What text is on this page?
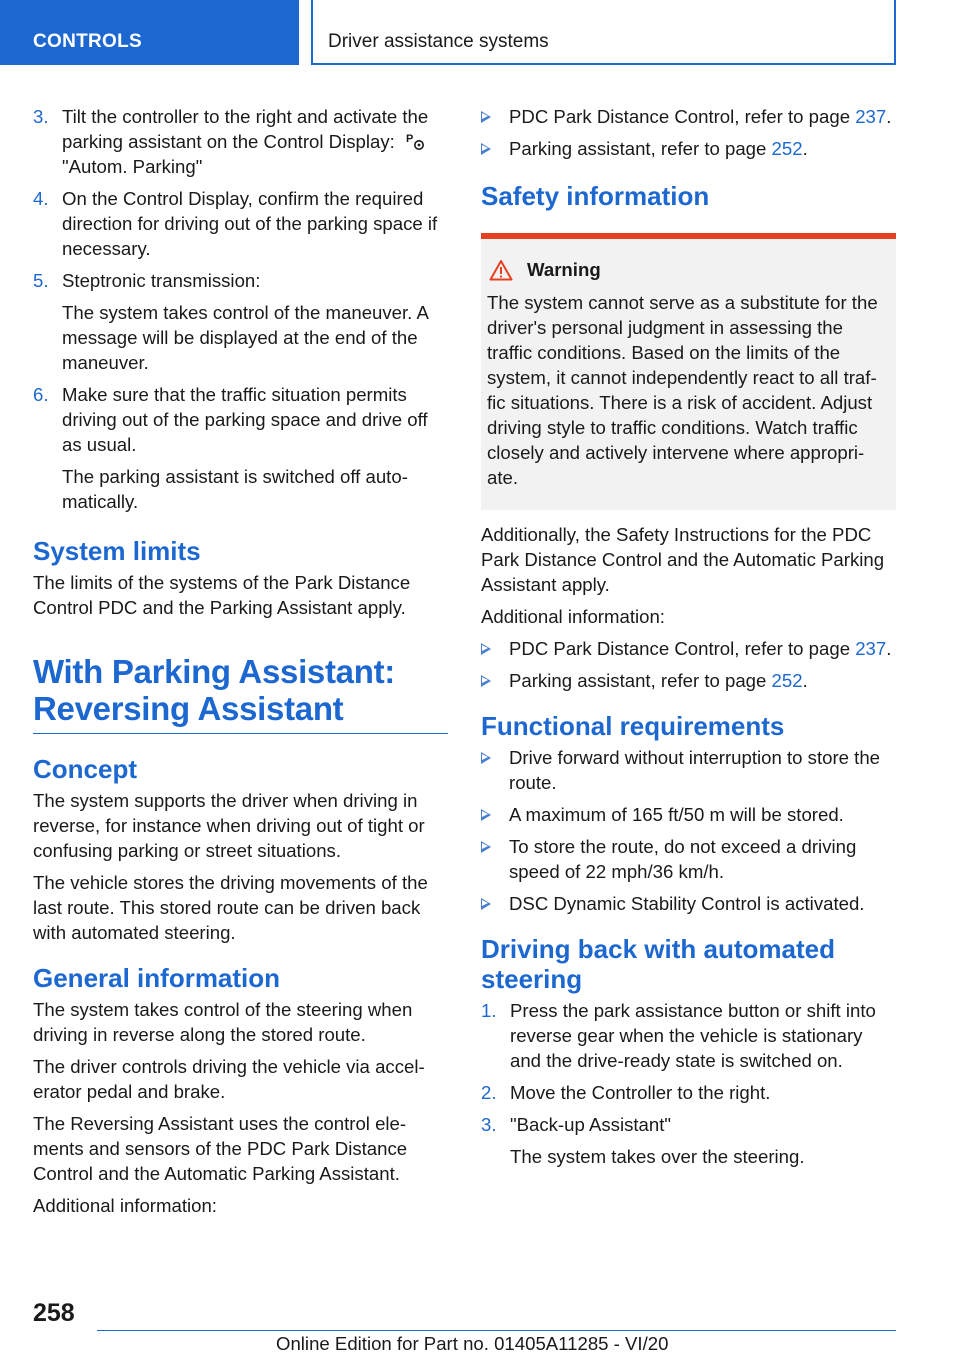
CONTROLS	Driver assistance systems
3. Tilt the controller to the right and activate the parking assistant on the Control Display: P
"Autom. Parking"
4. On the Control Display, confirm the required direction for driving out of the parking space if necessary.
5. Steptronic transmission:
The system takes control of the maneuver. A message will be displayed at the end of the maneuver.
6. Make sure that the traffic situation permits driving out of the parking space and drive off as usual.
The parking assistant is switched off auto‐matically.
System limits

The limits of the systems of the Park Distance Control PDC and the Parking Assistant apply.

With Parking Assistant: Reversing Assistant
Concept

The system supports the driver when driving in reverse, for instance when driving out of tight or confusing parking or street situations.

The vehicle stores the driving movements of the last route. This stored route can be driven back with automated steering.

General information

The system takes control of the steering when driving in reverse along the stored route.

The driver controls driving the vehicle via accel‐erator pedal and brake.

The Reversing Assistant uses the control ele‐ments and sensors of the PDC Park Distance Control and the Automatic Parking Assistant.

Additional information:

PDC Park Distance Control, refer to page 237.
Parking assistant, refer to page 252.
Safety information
Warning
The system cannot serve as a substitute for the driver's personal judgment in assessing the traffic conditions. Based on the limits of the system, it cannot independently react to all traf‐fic situations. There is a risk of accident. Adjust driving style to traffic conditions. Watch traffic closely and actively intervene where appropri‐ate.

Additionally, the Safety Instructions for the PDC Park Distance Control and the Automatic Parking Assistant apply.

Additional information:

PDC Park Distance Control, refer to page 237.
Parking assistant, refer to page 252.
Functional requirements
Drive forward without interruption to store the route.
A maximum of 165 ft/50 m will be stored.
To store the route, do not exceed a driving speed of 22 mph/36 km/h.
DSC Dynamic Stability Control is activated.
Driving back with automated steering
1. Press the park assistance button or shift into reverse gear when the vehicle is stationary and the drive-ready state is switched on.
2. Move the Controller to the right.
3. "Back-up Assistant"
The system takes over the steering.
258
Online Edition for Part no. 01405A11285 - VI/20
